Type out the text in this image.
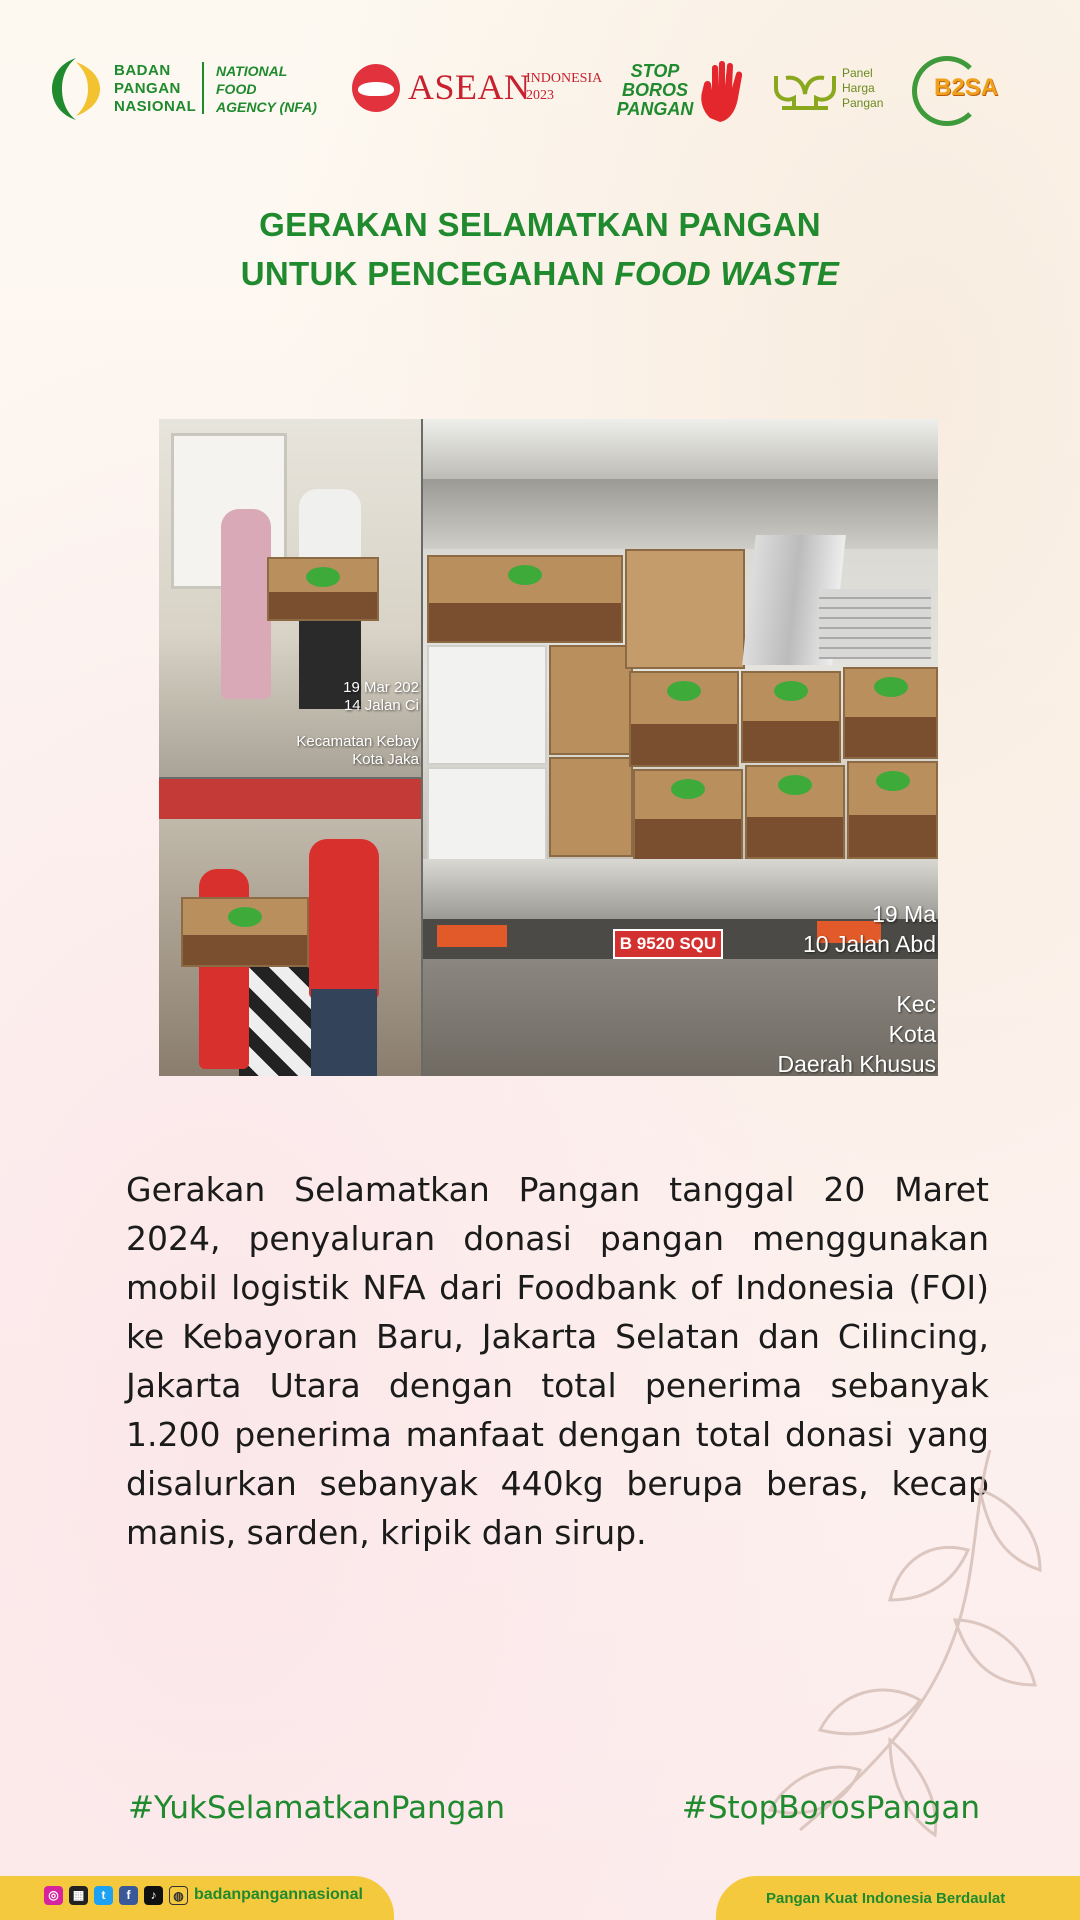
BADAN
PANGAN
NASIONAL
NATIONAL
FOOD
AGENCY (NFA)	ASEAN
INDONESIA
2023
STOP
BOROS
PANGAN
Panel
Harga
Pangan
B2SA
GERAKAN SELAMATKAN PANGAN
UNTUK PENCEGAHAN FOOD WASTE
19 Mar 202
14 Jalan Ci

Kecamatan Kebay
Kota Jaka
B 9520 SQU
19 Ma
10 Jalan Abd

Kec
Kota
Daerah Khusus
Gerakan Selamatkan Pangan tanggal 20 Maret 2024, penyaluran donasi pangan menggunakan mobil logistik NFA dari Foodbank of Indonesia (FOI) ke Kebayoran Baru, Jakarta Selatan dan Cilincing, Jakarta Utara dengan total penerima sebanyak 1.200 penerima manfaat dengan total donasi yang disalurkan sebanyak 440kg berupa beras, kecap manis, sarden, kripik dan sirup.
#YukSelamatkanPangan	#StopBorosPangan
◎ ▦ t f ♪ ◍ badanpangannasional	Pangan Kuat Indonesia Berdaulat
